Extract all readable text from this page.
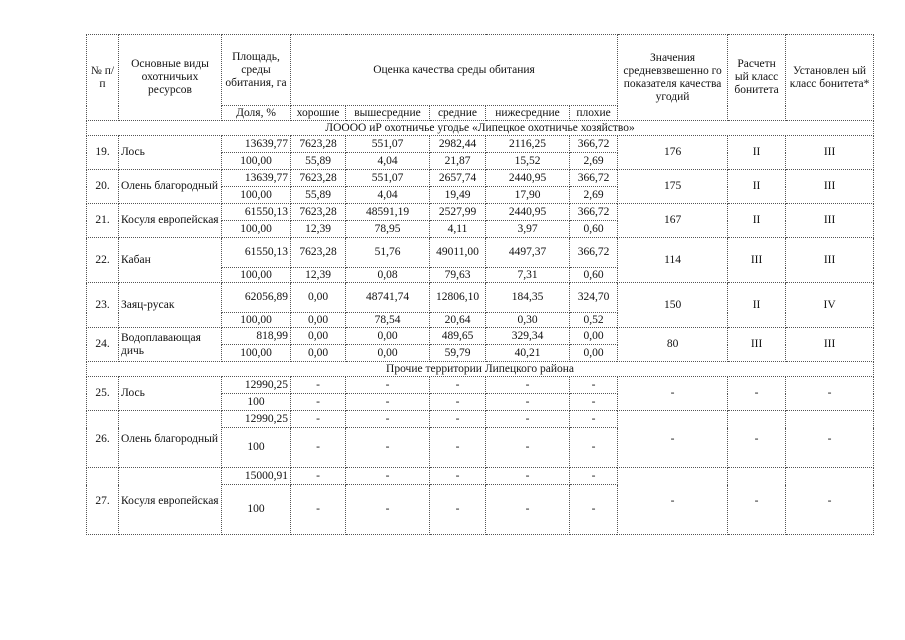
№ п/п	Основные виды охотничьих ресурсов	Площадь, среды обитания, га	Оценка качества среды обитания					Значения средневзвешенно го показателя качества угодий	Расчетн ый класс бонитета	Установлен ый класс бонитета*
		Доля, %	хорошие	вышесредние	средние	нижесредние	плохие			
ЛОООО иР охотничье угодье «Липецкое охотничье хозяйство»										
19.	Лось	13639,77	7623,28	551,07	2982,44	2116,25	366,72	176	II	III
		100,00	55,89	4,04	21,87	15,52	2,69			
20.	Олень благородный	13639,77	7623,28	551,07	2657,74	2440,95	366,72	175	II	III
		100,00	55,89	4,04	19,49	17,90	2,69			
21.	Косуля европейская	61550,13	7623,28	48591,19	2527,99	2440,95	366,72	167	II	III
		100,00	12,39	78,95	4,11	3,97	0,60			
22.	Кабан	61550,13	7623,28	51,76	49011,00	4497,37	366,72	114	III	III
		100,00	12,39	0,08	79,63	7,31	0,60			
23.	Заяц-русак	62056,89	0,00	48741,74	12806,10	184,35	324,70	150	II	IV
		100,00	0,00	78,54	20,64	0,30	0,52			
24.	Водоплавающая дичь	818,99	0,00	0,00	489,65	329,34	0,00	80	III	III
		100,00	0,00	0,00	59,79	40,21	0,00			
Прочие территории Липецкого района										
25.	Лось	12990,25	-	-	-	-	-	-	-	-
		100	-	-	-	-	-			
26.	Олень благородный	12990,25	-	-	-	-	-	-	-	-
		100	-	-	-	-	-			
27.	Косуля европейская	15000,91	-	-	-	-	-	-	-	-
		100	-	-	-	-	-			
